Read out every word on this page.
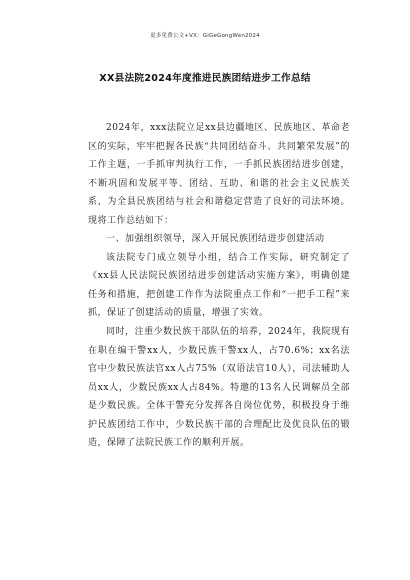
更多免费公文+VX：GiGeGongWen2024
XX县法院2024年度推进民族团结进步工作总结

2024年，xxx法院立足xx县边疆地区、民族地区、革命老区的实际，牢牢把握各民族“共同团结奋斗、共同繁荣发展”的工作主题，一手抓审判执行工作，一手抓民族团结进步创建，不断巩固和发展平等、团结、互助、和谐的社会主义民族关系，为全县民族团结与社会和谐稳定营造了良好的司法环境。现将工作总结如下：

一、加强组织领导，深入开展民族团结进步创建活动

该法院专门成立领导小组，结合工作实际，研究制定了《xx县人民法院民族团结进步创建活动实施方案》，明确创建任务和措施，把创建工作作为法院重点工作和“一把手工程”来抓，保证了创建活动的质量，增强了实效。

同时，注重少数民族干部队伍的培养，2024年，我院现有在职在编干警xx人，少数民族干警xx人，占70.6%；xx名法官中少数民族法官xx人占75%（双语法官10人），司法辅助人员xx人，少数民族xx人占84%。特邀的13名人民调解员全部是少数民族。全体干警充分发挥各自岗位优势，积极投身于维护民族团结工作中，少数民族干部的合理配比及优良队伍的锻造，保障了法院民族工作的顺利开展。
